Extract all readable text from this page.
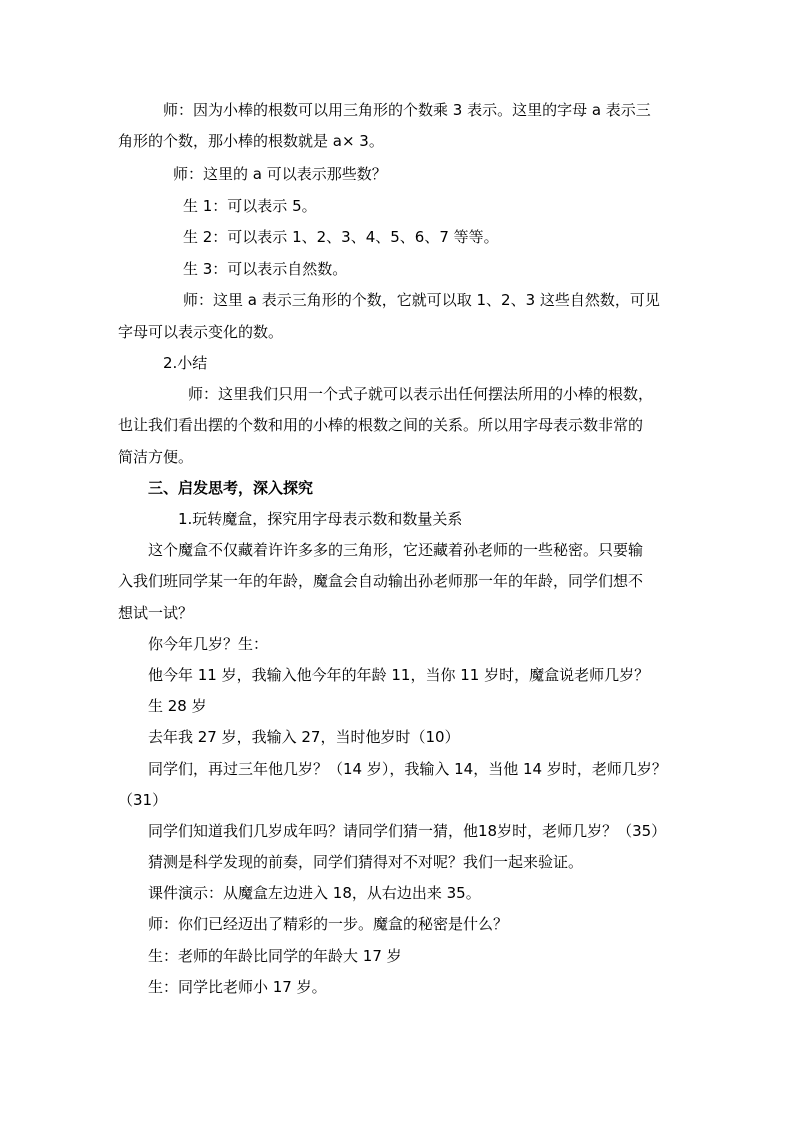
师：因为小棒的根数可以用三角形的个数乘 3 表示。这里的字母 a 表示三
角形的个数，那小棒的根数就是 a× 3。
师：这里的 a 可以表示那些数？
生 1：可以表示 5。
生 2：可以表示 1、2、3、4、5、6、7 等等。
生 3：可以表示自然数。
师：这里 a 表示三角形的个数，它就可以取 1、2、3 这些自然数，可见
字母可以表示变化的数。
2.小结
师：这里我们只用一个式子就可以表示出任何摆法所用的小棒的根数，
也让我们看出摆的个数和用的小棒的根数之间的关系。所以用字母表示数非常的
简洁方便。
三、启发思考，深入探究
1.玩转魔盒，探究用字母表示数和数量关系
这个魔盒不仅藏着许许多多的三角形，它还藏着孙老师的一些秘密。只要输
入我们班同学某一年的年龄，魔盒会自动输出孙老师那一年的年龄，同学们想不
想试一试？
你今年几岁？生：
他今年 11 岁，我输入他今年的年龄 11，当你 11 岁时，魔盒说老师几岁？
生 28 岁
去年我 27 岁，我输入 27，当时他岁时（10）
同学们，再过三年他几岁？（14 岁），我输入 14，当他 14 岁时，老师几岁？
（31）
同学们知道我们几岁成年吗？请同学们猜一猜，他18岁时，老师几岁？（35）
猜测是科学发现的前奏，同学们猜得对不对呢？我们一起来验证。
课件演示：从魔盒左边进入 18，从右边出来 35。
师：你们已经迈出了精彩的一步。魔盒的秘密是什么？
生：老师的年龄比同学的年龄大 17 岁
生：同学比老师小 17 岁。
